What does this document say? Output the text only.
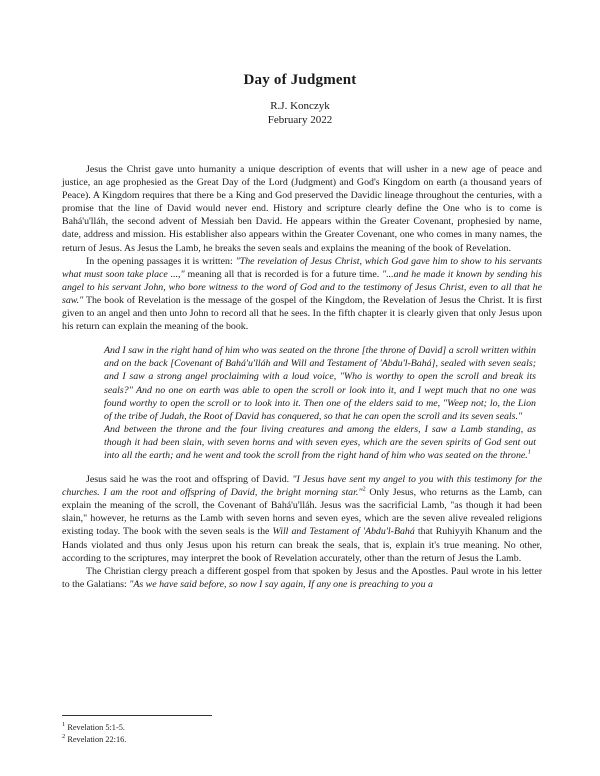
Day of Judgment
R.J. Konczyk
February 2022

Jesus the Christ gave unto humanity a unique description of events that will usher in a new age of peace and justice, an age prophesied as the Great Day of the Lord (Judgment) and God's Kingdom on earth (a thousand years of Peace). A Kingdom requires that there be a King and God preserved the Davidic lineage throughout the centuries, with a promise that the line of David would never end. History and scripture clearly define the One who is to come is Bahá'u'lláh, the second advent of Messiah ben David. He appears within the Greater Covenant, prophesied by name, date, address and mission. His establisher also appears within the Greater Covenant, one who comes in many names, the return of Jesus. As Jesus the Lamb, he breaks the seven seals and explains the meaning of the book of Revelation.

In the opening passages it is written: "The revelation of Jesus Christ, which God gave him to show to his servants what must soon take place ...," meaning all that is recorded is for a future time. "...and he made it known by sending his angel to his servant John, who bore witness to the word of God and to the testimony of Jesus Christ, even to all that he saw." The book of Revelation is the message of the gospel of the Kingdom, the Revelation of Jesus the Christ. It is first given to an angel and then unto John to record all that he sees. In the fifth chapter it is clearly given that only Jesus upon his return can explain the meaning of the book.

And I saw in the right hand of him who was seated on the throne [the throne of David] a scroll written within and on the back [Covenant of Bahá'u'lláh and Will and Testament of 'Abdu'l-Bahá], sealed with seven seals; and I saw a strong angel proclaiming with a loud voice, "Who is worthy to open the scroll and break its seals?" And no one on earth was able to open the scroll or look into it, and I wept much that no one was found worthy to open the scroll or to look into it. Then one of the elders said to me, "Weep not; lo, the Lion of the tribe of Judah, the Root of David has conquered, so that he can open the scroll and its seven seals."

And between the throne and the four living creatures and among the elders, I saw a Lamb standing, as though it had been slain, with seven horns and with seven eyes, which are the seven spirits of God sent out into all the earth; and he went and took the scroll from the right hand of him who was seated on the throne.$^1$

Jesus said he was the root and offspring of David. "I Jesus have sent my angel to you with this testimony for the churches. I am the root and offspring of David, the bright morning star."$^2$ Only Jesus, who returns as the Lamb, can explain the meaning of the scroll, the Covenant of Bahá'u'lláh. Jesus was the sacrificial Lamb, "as though it had been slain," however, he returns as the Lamb with seven horns and seven eyes, which are the seven alive revealed religions existing today. The book with the seven seals is the Will and Testament of 'Abdu'l-Bahá that Ruhiyyih Khanum and the Hands violated and thus only Jesus upon his return can break the seals, that is, explain it's true meaning. No other, according to the scriptures, may interpret the book of Revelation accurately, other than the return of Jesus the Lamb.

The Christian clergy preach a different gospel from that spoken by Jesus and the Apostles. Paul wrote in his letter to the Galatians: "As we have said before, so now I say again, If any one is preaching to you a

$^1$ Revelation 5:1-5.
$^2$ Revelation 22:16.
